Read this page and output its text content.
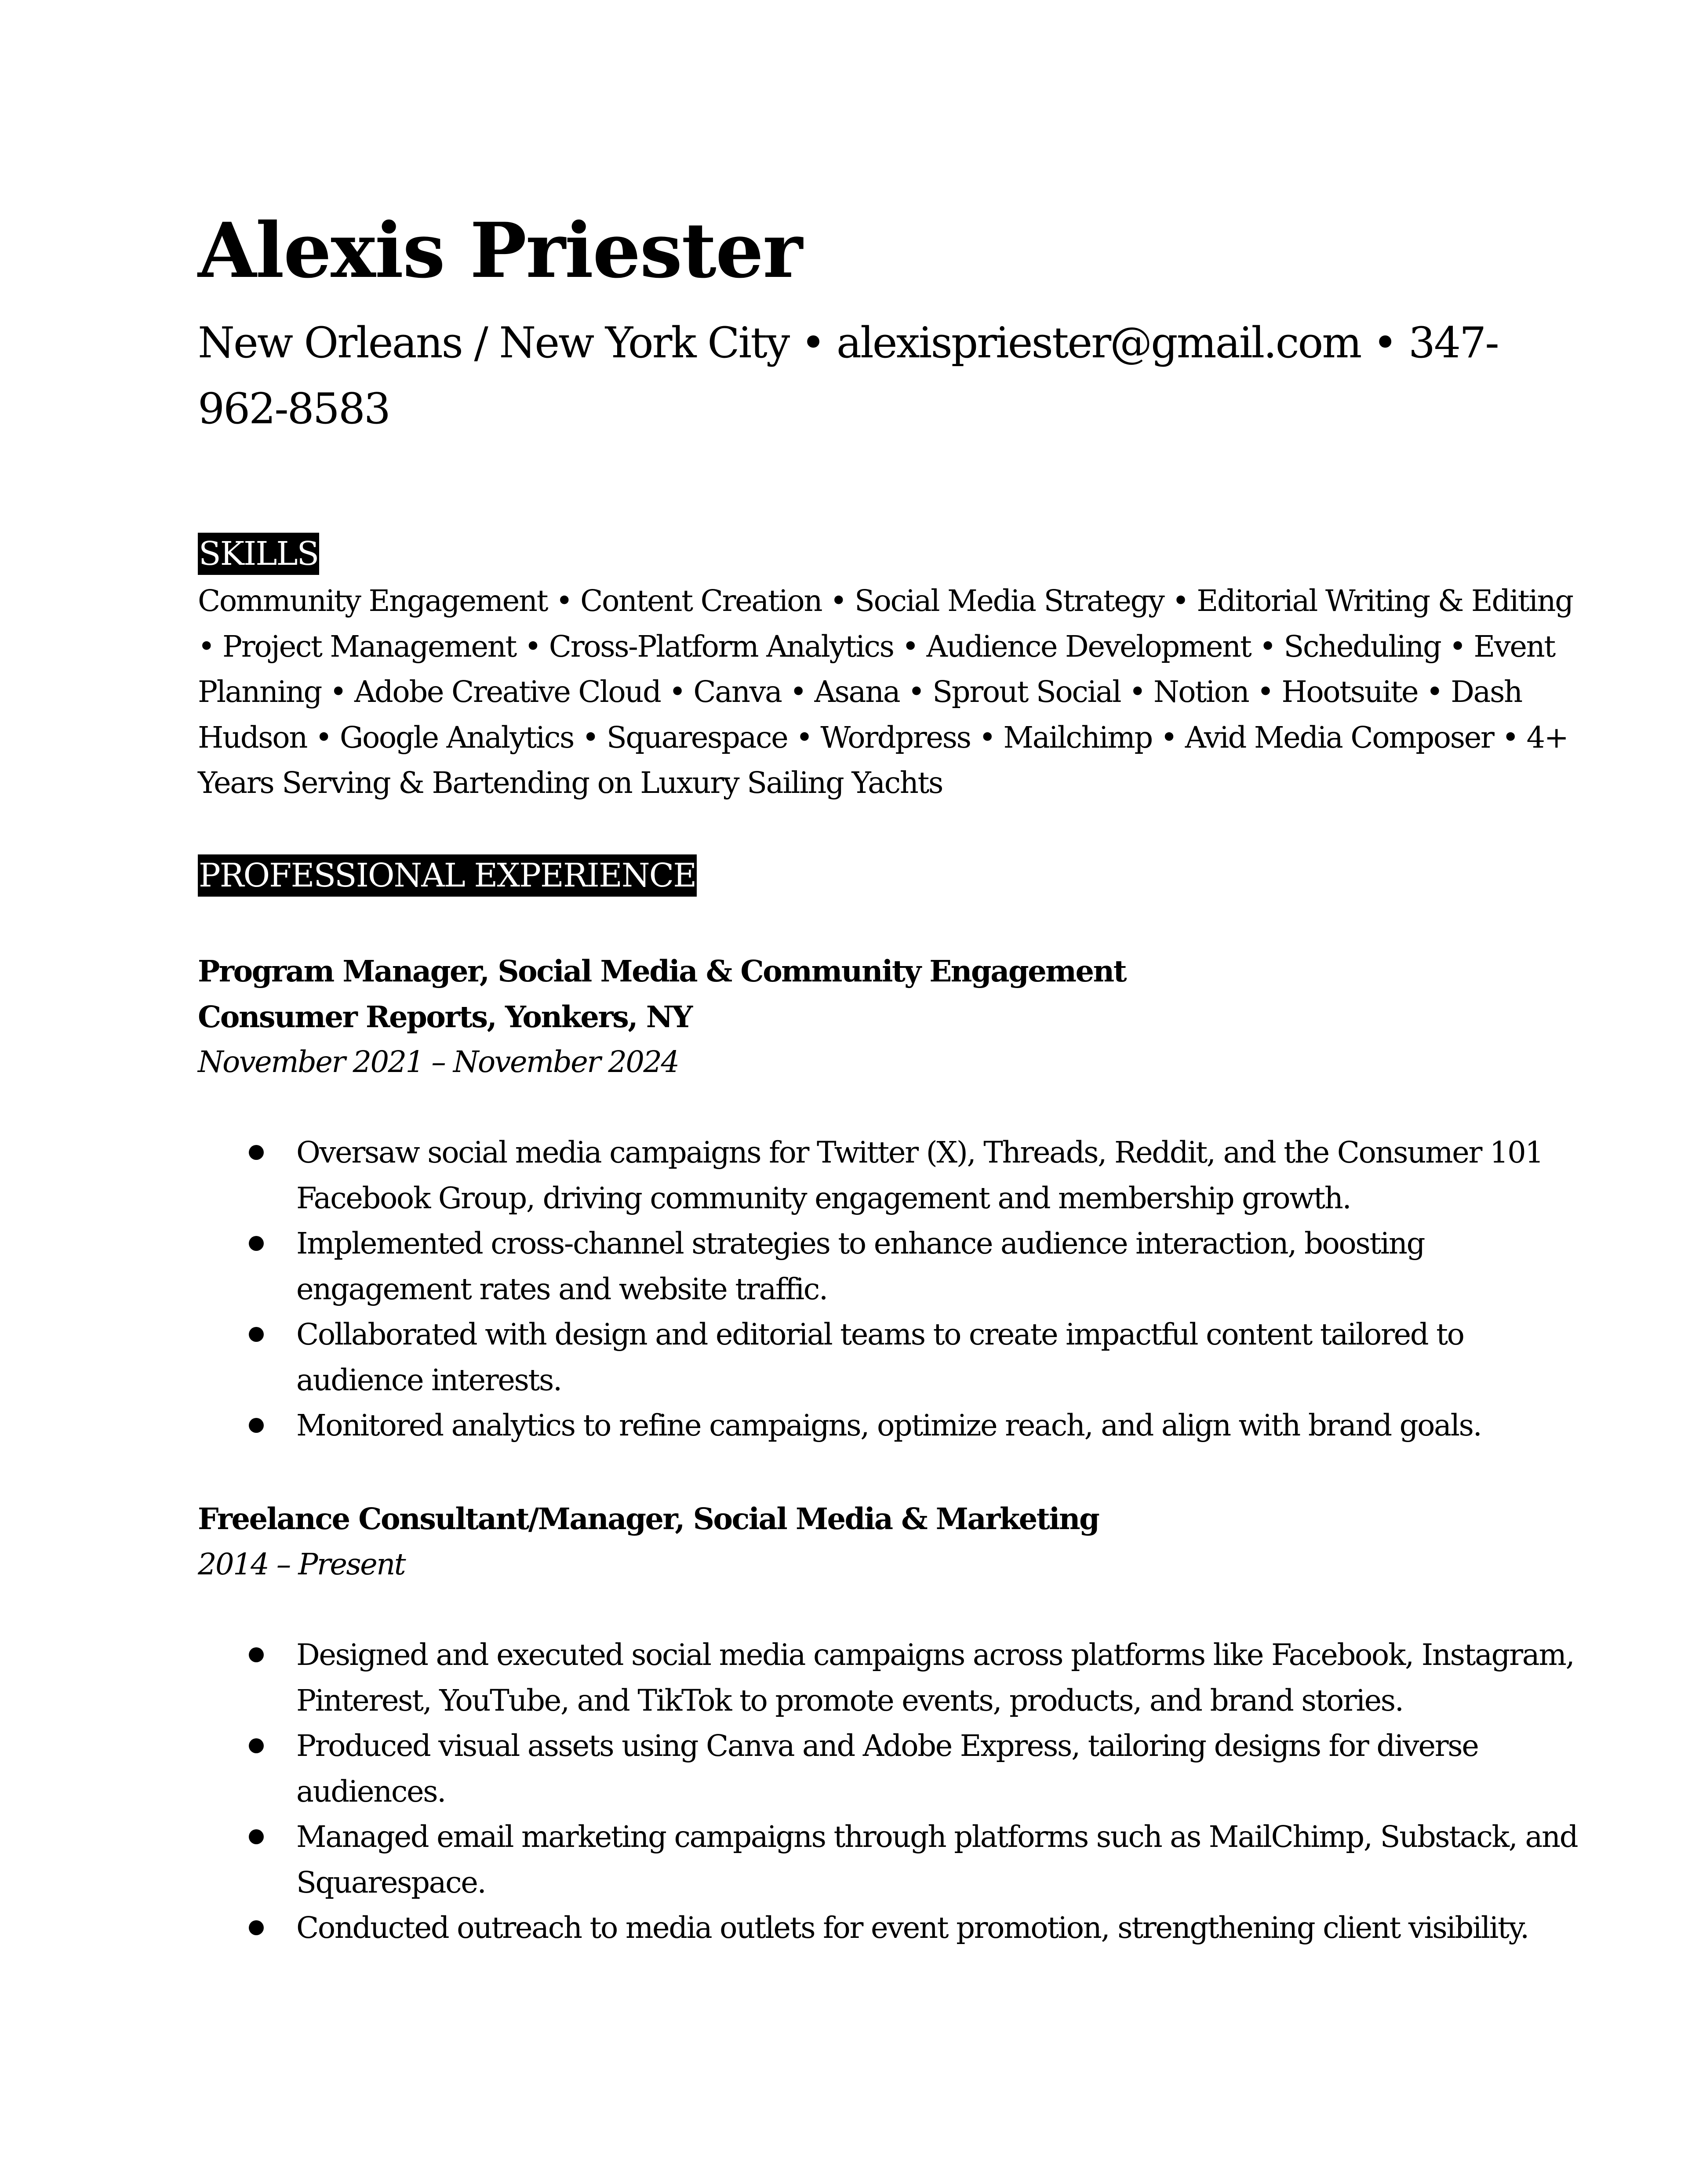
Alexis Priester
New Orleans / New York City • alexispriester@gmail.com • 347-962-8583
SKILLS
Community Engagement • Content Creation • Social Media Strategy • Editorial Writing & Editing • Project Management • Cross-Platform Analytics • Audience Development • Scheduling • Event Planning • Adobe Creative Cloud • Canva • Asana • Sprout Social • Notion • Hootsuite • Dash Hudson • Google Analytics • Squarespace • Wordpress • Mailchimp • Avid Media Composer • 4+ Years Serving & Bartending on Luxury Sailing Yachts
PROFESSIONAL EXPERIENCE
Program Manager, Social Media & Community Engagement
Consumer Reports, Yonkers, NY
November 2021 – November 2024
Oversaw social media campaigns for Twitter (X), Threads, Reddit, and the Consumer 101 Facebook Group, driving community engagement and membership growth.
Implemented cross-channel strategies to enhance audience interaction, boosting engagement rates and website traffic.
Collaborated with design and editorial teams to create impactful content tailored to audience interests.
Monitored analytics to refine campaigns, optimize reach, and align with brand goals.
Freelance Consultant/Manager, Social Media & Marketing
2014 – Present
Designed and executed social media campaigns across platforms like Facebook, Instagram, Pinterest, YouTube, and TikTok to promote events, products, and brand stories.
Produced visual assets using Canva and Adobe Express, tailoring designs for diverse audiences.
Managed email marketing campaigns through platforms such as MailChimp, Substack, and Squarespace.
Conducted outreach to media outlets for event promotion, strengthening client visibility.
